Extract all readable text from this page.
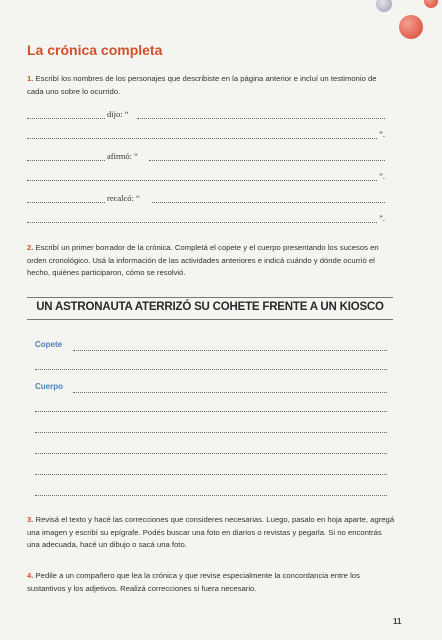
La crónica completa
1. Escribí los nombres de los personajes que describiste en la página anterior e incluí un testimonio de cada uno sobre lo ocurrido.
dijo: “
”.
afirmó: “
”.
recalcó: “
”.
2. Escribí un primer borrador de la crónica. Completá el copete y el cuerpo presentando los sucesos en orden cronológico. Usá la información de las actividades anteriores e indicá cuándo y dónde ocurrió el hecho, quiénes participaron, cómo se resolvió.
UN ASTRONAUTA ATERRIZÓ SU COHETE FRENTE A UN KIOSCO
Copete
Cuerpo
3. Revisá el texto y hacé las correcciones que consideres necesarias. Luego, pasalo en hoja aparte, agregá una imagen y escribí su epígrafe. Podés buscar una foto en diarios o revistas y pegarla. Si no encontrás una adecuada, hacé un dibujo o sacá una foto.
4. Pedile a un compañero que lea la crónica y que revise especialmente la concordancia entre los sustantivos y los adjetivos. Realizá correcciones si fuera necesario.
11
